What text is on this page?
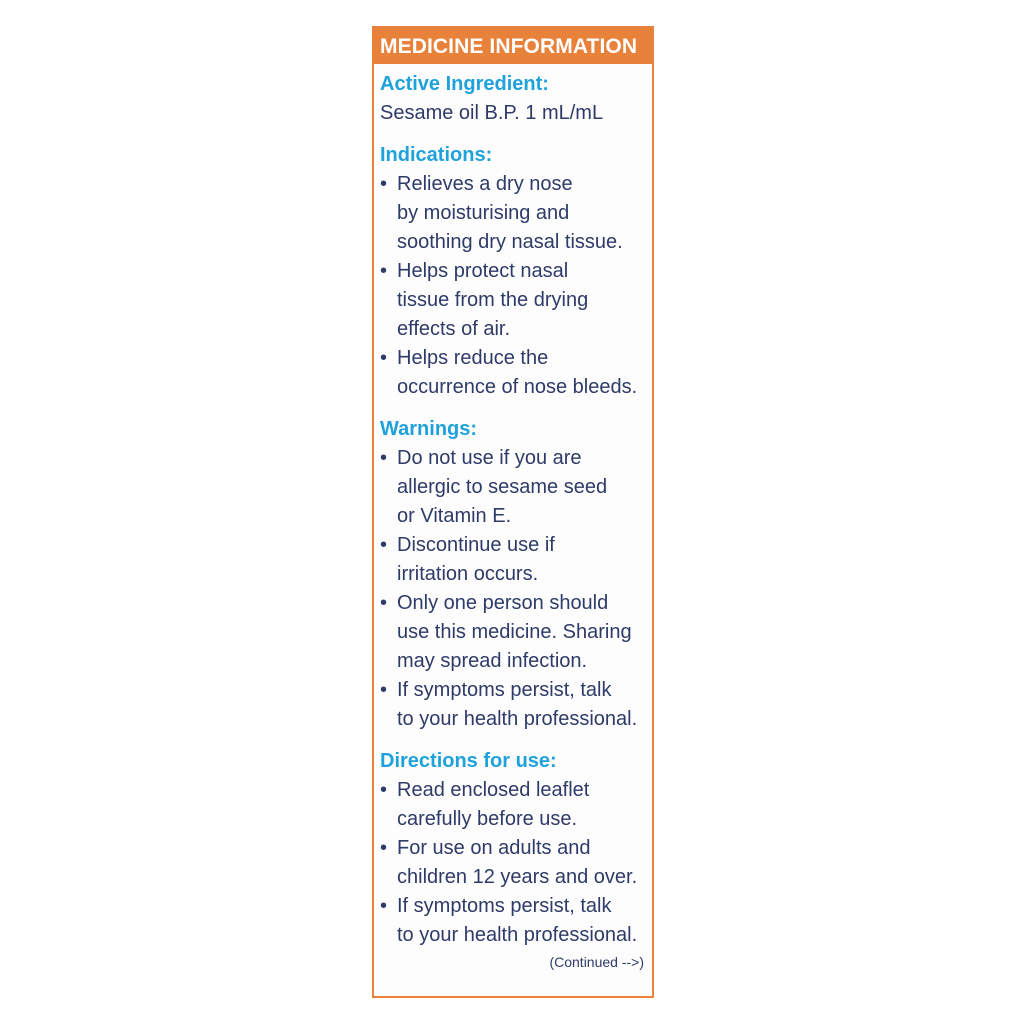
MEDICINE INFORMATION
Active Ingredient:
Sesame oil B.P. 1 mL/mL
Indications:
• Relieves a dry nose
by moisturising and
soothing dry nasal tissue.
• Helps protect nasal
tissue from the drying
effects of air.
• Helps reduce the
occurrence of nose bleeds.
Warnings:
• Do not use if you are
allergic to sesame seed
or Vitamin E.
• Discontinue use if
irritation occurs.
• Only one person should
use this medicine. Sharing
may spread infection.
• If symptoms persist, talk
to your health professional.
Directions for use:
• Read enclosed leaflet
carefully before use.
• For use on adults and
children 12 years and over.
• If symptoms persist, talk
to your health professional.
(Continued -->)
